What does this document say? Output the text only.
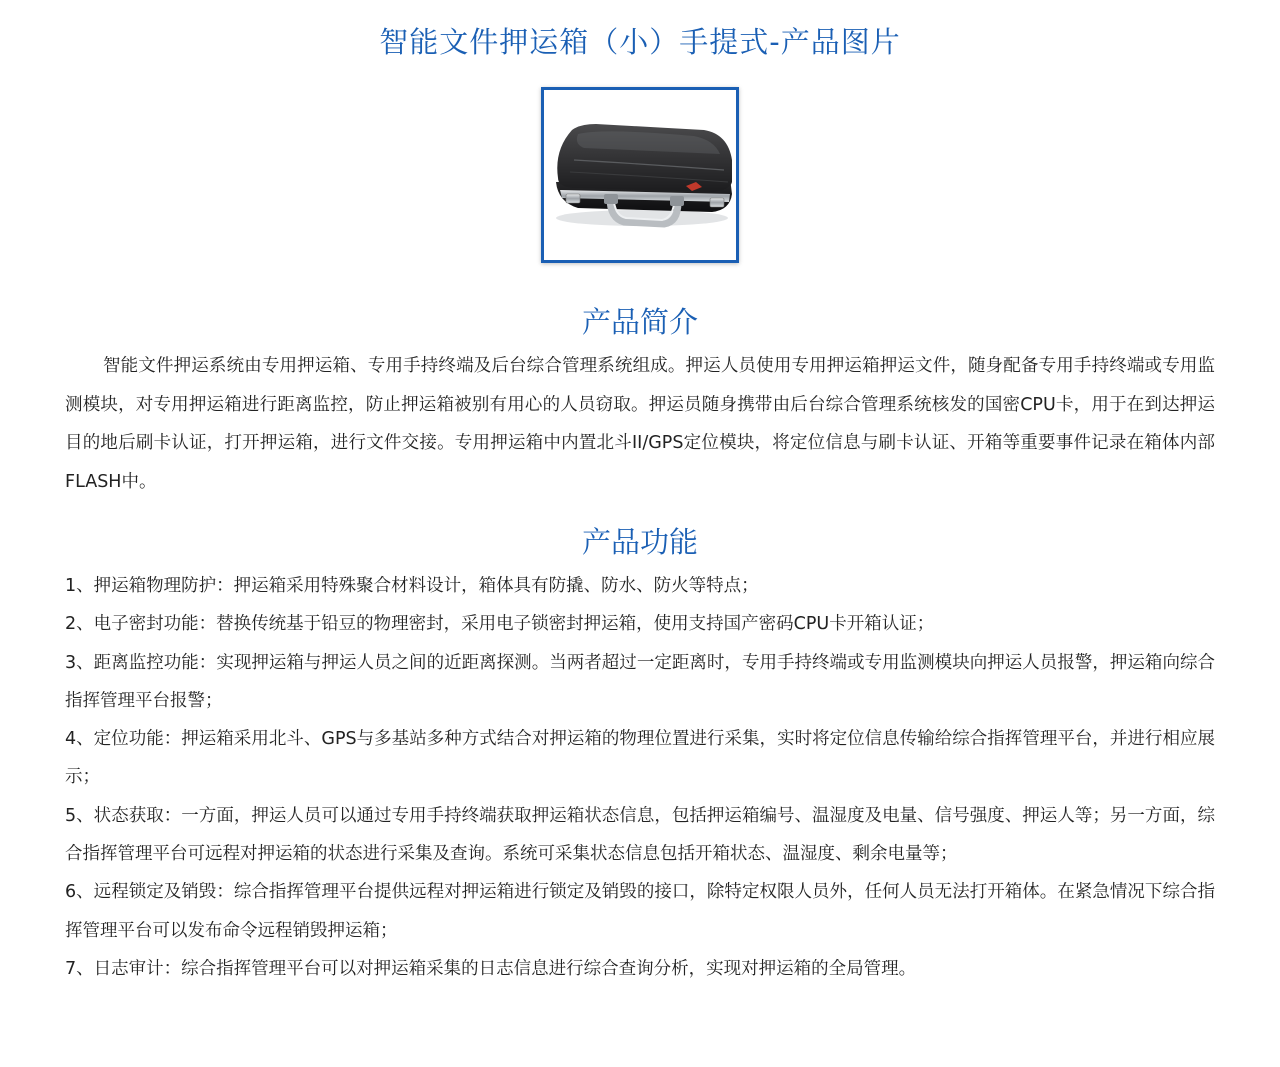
智能文件押运箱（小）手提式-产品图片
产品简介

智能文件押运系统由专用押运箱、专用手持终端及后台综合管理系统组成。押运人员使用专用押运箱押运文件，随身配备专用手持终端或专用监测模块，对专用押运箱进行距离监控，防止押运箱被别有用心的人员窃取。押运员随身携带由后台综合管理系统核发的国密CPU卡，用于在到达押运目的地后刷卡认证，打开押运箱，进行文件交接。专用押运箱中内置北斗II/GPS定位模块，将定位信息与刷卡认证、开箱等重要事件记录在箱体内部FLASH中。

产品功能
1、押运箱物理防护：押运箱采用特殊聚合材料设计，箱体具有防撬、防水、防火等特点；
2、电子密封功能：替换传统基于铅豆的物理密封，采用电子锁密封押运箱，使用支持国产密码CPU卡开箱认证；
3、距离监控功能：实现押运箱与押运人员之间的近距离探测。当两者超过一定距离时，专用手持终端或专用监测模块向押运人员报警，押运箱向综合指挥管理平台报警；
4、定位功能：押运箱采用北斗、GPS与多基站多种方式结合对押运箱的物理位置进行采集，实时将定位信息传输给综合指挥管理平台，并进行相应展示；
5、状态获取：一方面，押运人员可以通过专用手持终端获取押运箱状态信息，包括押运箱编号、温湿度及电量、信号强度、押运人等；另一方面，综合指挥管理平台可远程对押运箱的状态进行采集及查询。系统可采集状态信息包括开箱状态、温湿度、剩余电量等；
6、远程锁定及销毁：综合指挥管理平台提供远程对押运箱进行锁定及销毁的接口，除特定权限人员外，任何人员无法打开箱体。在紧急情况下综合指挥管理平台可以发布命令远程销毁押运箱；
7、日志审计：综合指挥管理平台可以对押运箱采集的日志信息进行综合查询分析，实现对押运箱的全局管理。
